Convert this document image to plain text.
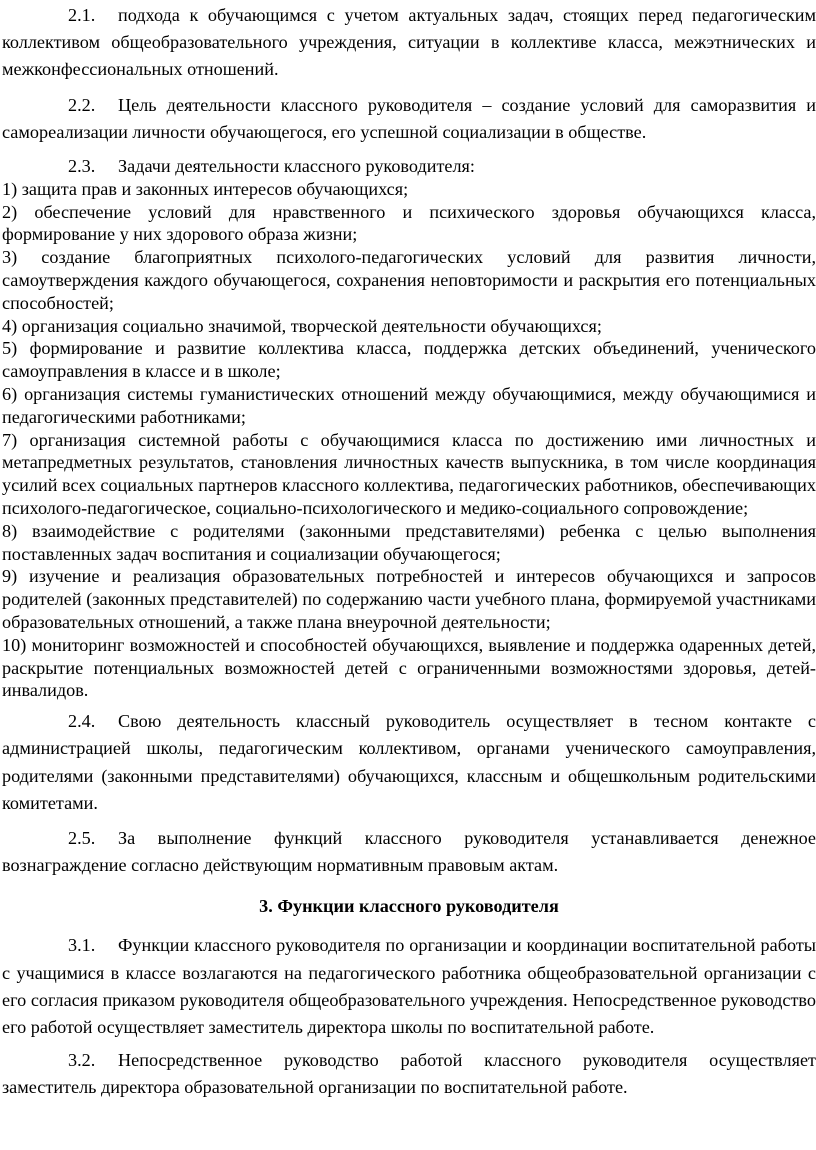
2.1. подхода к обучающимся с учетом актуальных задач, стоящих перед педагогическим коллективом общеобразовательного учреждения, ситуации в коллективе класса, межэтнических и межконфессиональных отношений.

2.2. Цель деятельности классного руководителя – создание условий для саморазвития и самореализации личности обучающегося, его успешной социализации в обществе.

2.3. Задачи деятельности классного руководителя:

1) защита прав и законных интересов обучающихся;

2) обеспечение условий для нравственного и психического здоровья обучающихся класса, формирование у них здорового образа жизни;

3) создание благоприятных психолого-педагогических условий для развития личности, самоутверждения каждого обучающегося, сохранения неповторимости и раскрытия его потенциальных способностей;

4) организация социально значимой, творческой деятельности обучающихся;

5) формирование и развитие коллектива класса, поддержка детских объединений, ученического самоуправления в классе и в школе;

6) организация системы гуманистических отношений между обучающимися, между обучающимися и педагогическими работниками;

7) организация системной работы с обучающимися класса по достижению ими личностных и метапредметных результатов, становления личностных качеств выпускника, в том числе координация усилий всех социальных партнеров классного коллектива, педагогических работников, обеспечивающих психолого-педагогическое, социально-психологического и медико-социального сопровождение;

8) взаимодействие с родителями (законными представителями) ребенка с целью выполнения поставленных задач воспитания и социализации обучающегося;

9) изучение и реализация образовательных потребностей и интересов обучающихся и запросов родителей (законных представителей) по содержанию части учебного плана, формируемой участниками образовательных отношений, а также плана внеурочной деятельности;

10) мониторинг возможностей и способностей обучающихся, выявление и поддержка одаренных детей, раскрытие потенциальных возможностей детей с ограниченными возможностями здоровья, детей-инвалидов.

2.4. Свою деятельность классный руководитель осуществляет в тесном контакте с администрацией школы, педагогическим коллективом, органами ученического самоуправления, родителями (законными представителями) обучающихся, классным и общешкольным родительскими комитетами.

2.5. За выполнение функций классного руководителя устанавливается денежное вознаграждение согласно действующим нормативным правовым актам.

3. Функции классного руководителя

3.1. Функции классного руководителя по организации и координации воспитательной работы с учащимися в классе возлагаются на педагогического работника общеобразовательной организации с его согласия приказом руководителя общеобразовательного учреждения. Непосредственное руководство его работой осуществляет заместитель директора школы по воспитательной работе.

3.2. Непосредственное руководство работой классного руководителя осуществляет заместитель директора образовательной организации по воспитательной работе.
